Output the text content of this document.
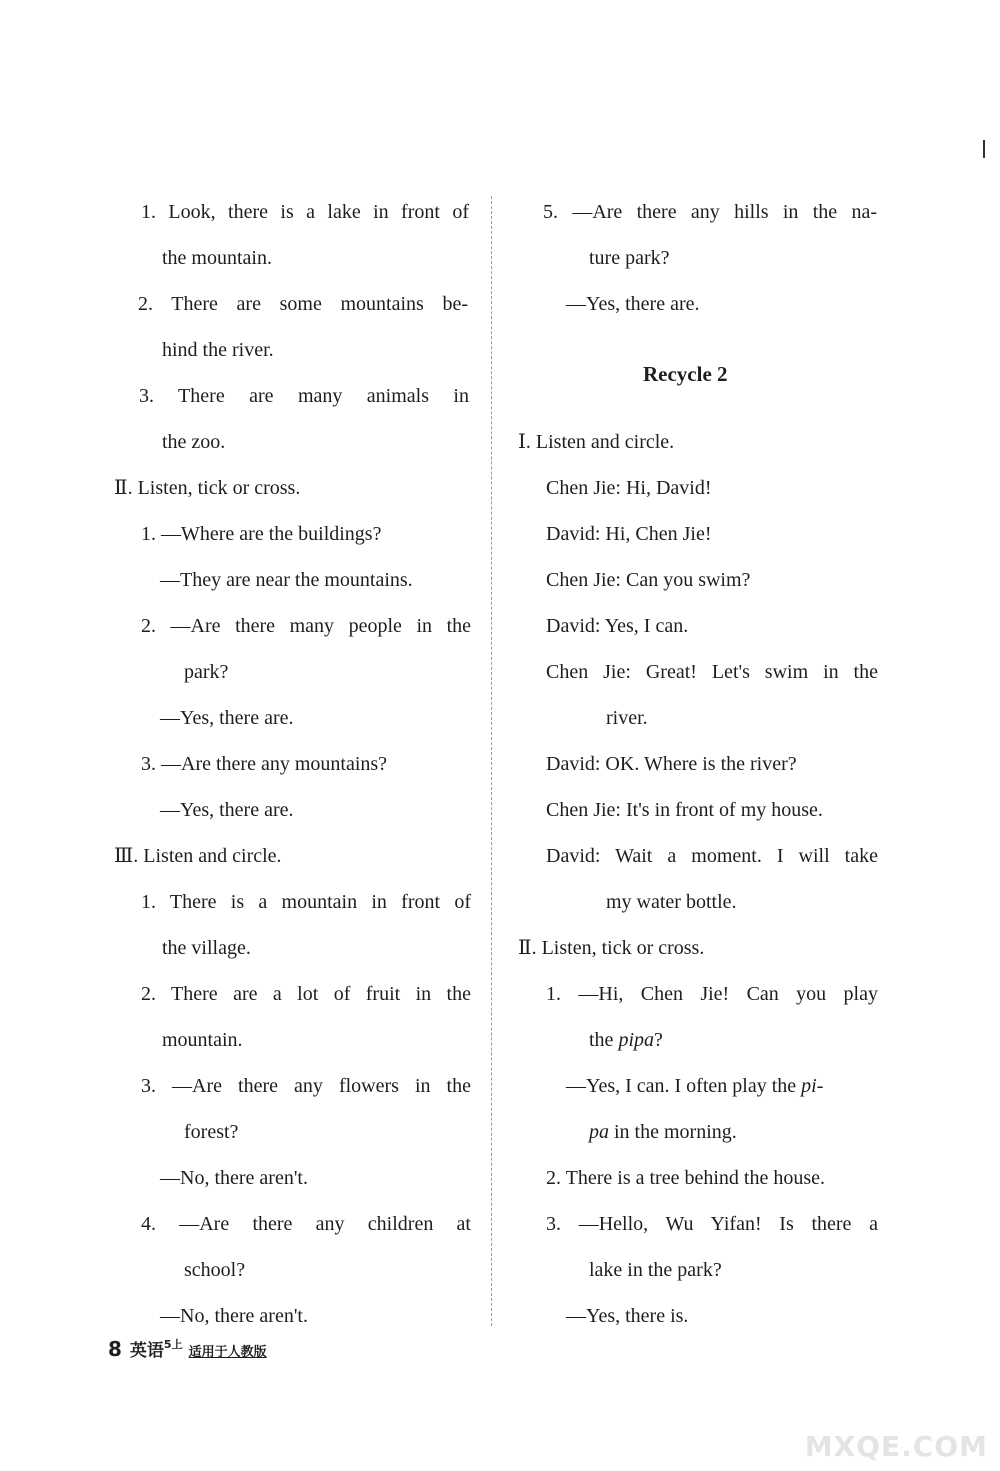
1. Look, there is a lake in front of
the mountain.
2. There are some mountains be-
hind the river.
3. There are many animals in
the zoo.
Ⅱ. Listen, tick or cross.
1. —Where are the buildings?
—They are near the mountains.
2. —Are there many people in the
park?
—Yes, there are.
3. —Are there any mountains?
—Yes, there are.
Ⅲ. Listen and circle.
1. There is a mountain in front of
the village.
2. There are a lot of fruit in the
mountain.
3. —Are there any flowers in the
forest?
—No, there aren't.
4. —Are there any children at
school?
—No, there aren't.
5. —Are there any hills in the na-
ture park?
—Yes, there are.
Recycle 2
Ⅰ. Listen and circle.
Chen Jie: Hi, David!
David: Hi, Chen Jie!
Chen Jie: Can you swim?
David: Yes, I can.
Chen Jie: Great! Let's swim in the
river.
David: OK. Where is the river?
Chen Jie: It's in front of my house.
David: Wait a moment. I will take
my water bottle.
Ⅱ. Listen, tick or cross.
1. —Hi, Chen Jie! Can you play
the pipa?
—Yes, I can. I often play the pi-
pa in the morning.
2. There is a tree behind the house.
3. —Hello, Wu Yifan! Is there a
lake in the park?
—Yes, there is.
8 英语$^{5上}$适用于人教版
MXQE.COM
